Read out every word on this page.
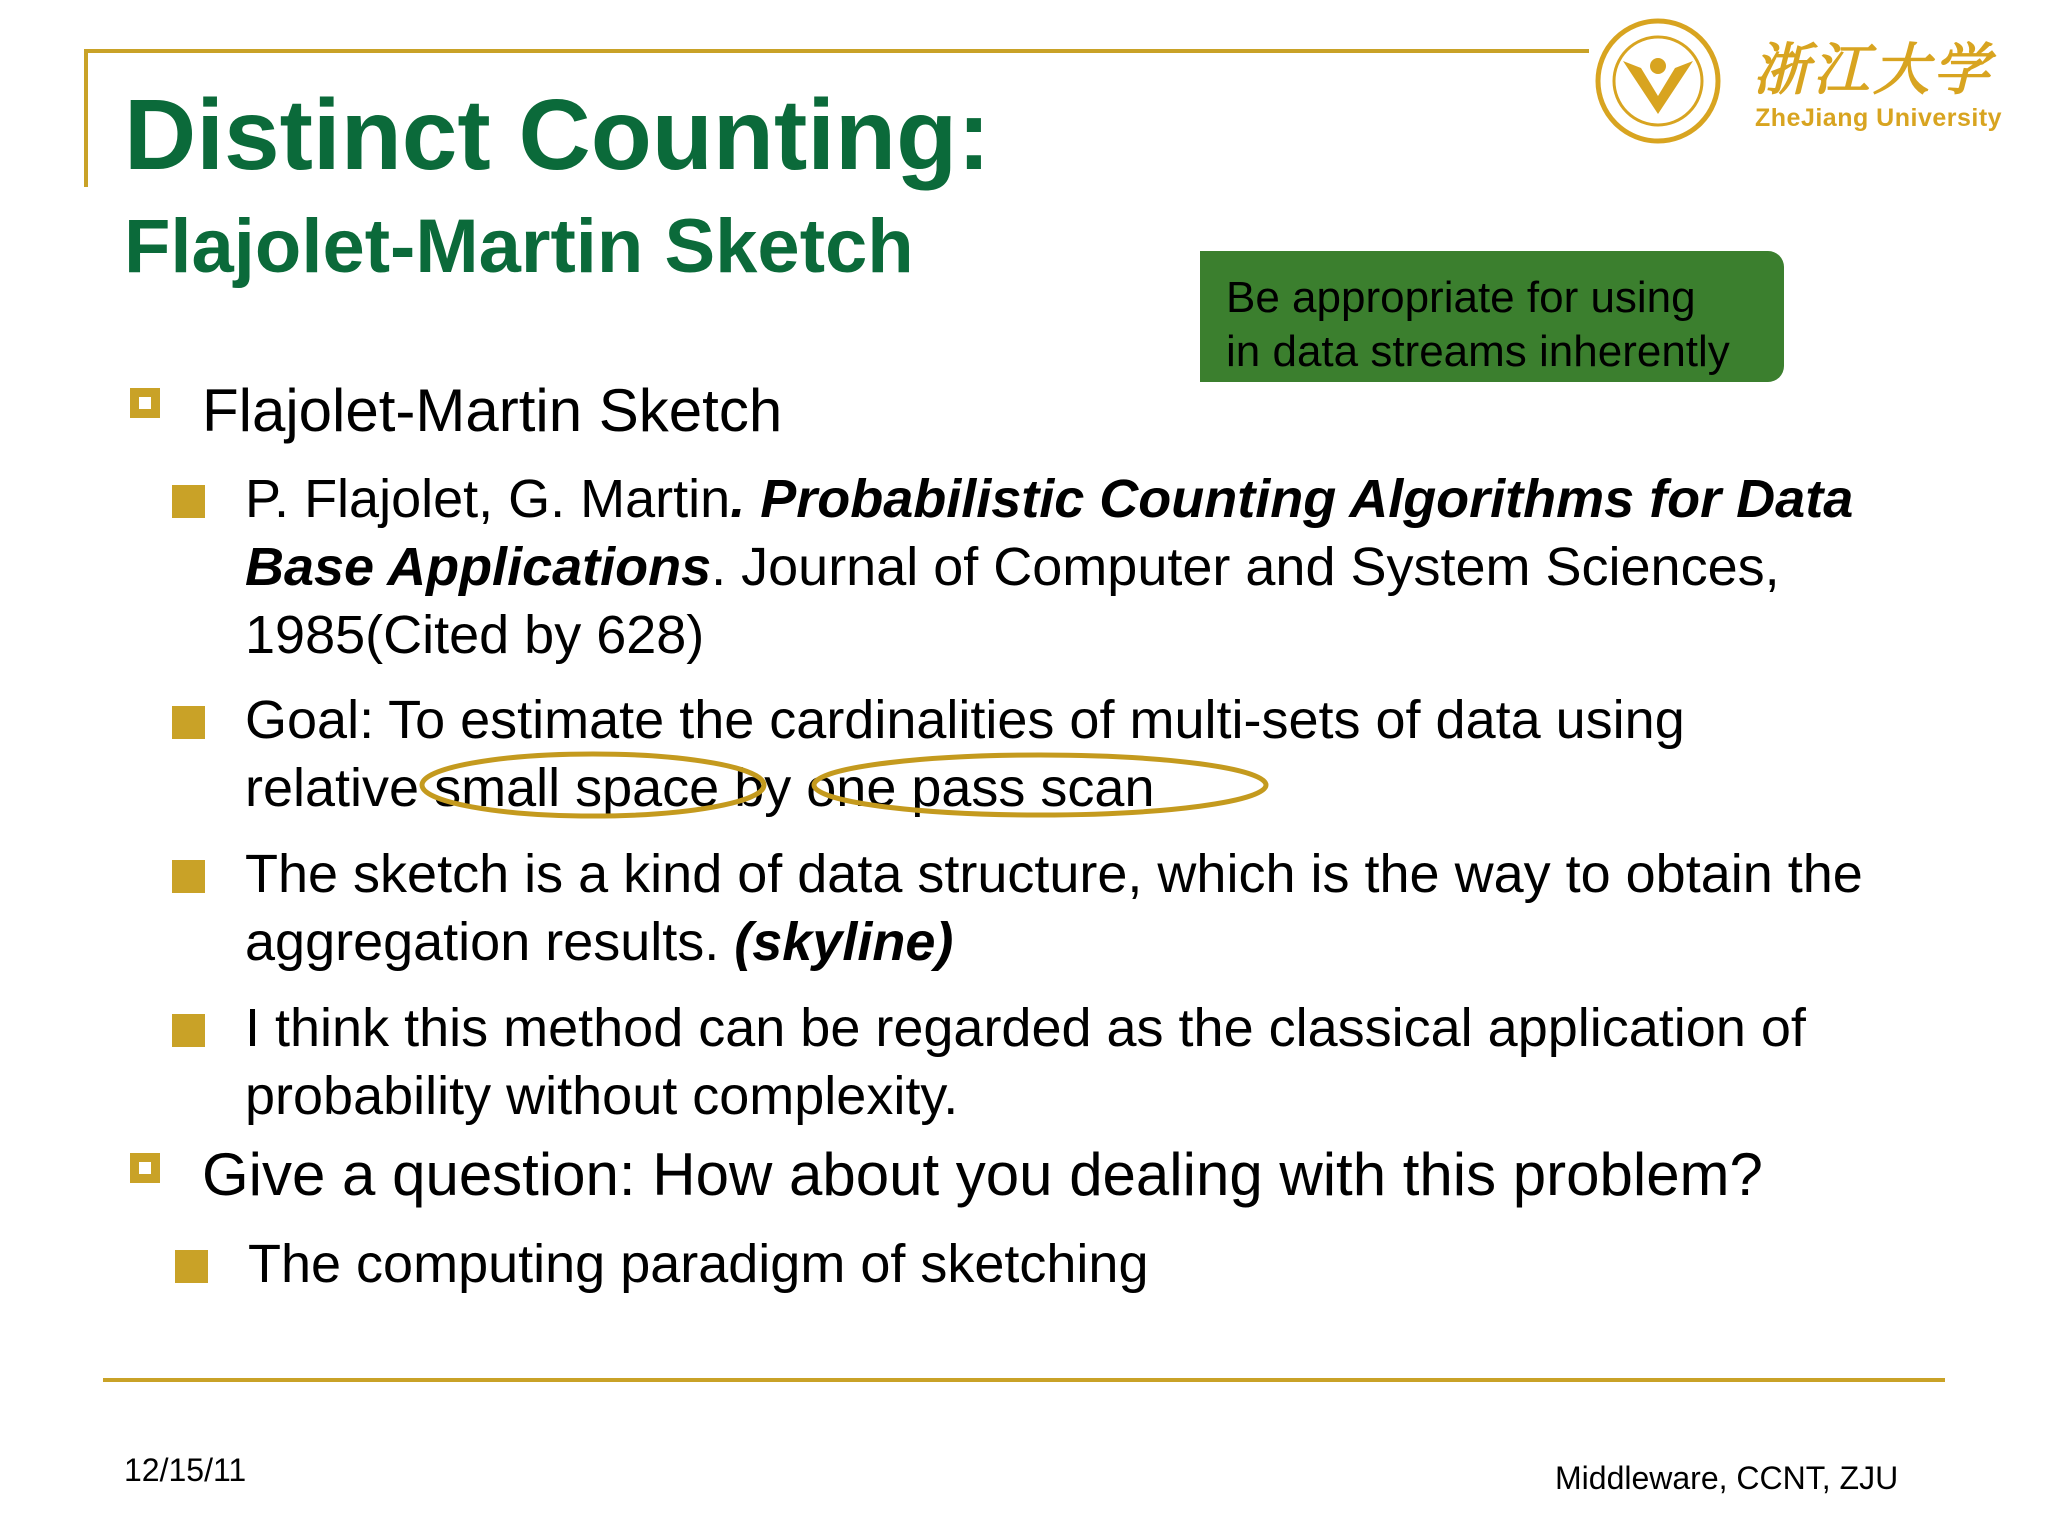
浙江大学
ZheJiang University
Distinct Counting:
Flajolet-Martin Sketch
Be appropriate for using
in data streams inherently
Flajolet-Martin Sketch
P. Flajolet, G. Martin. Probabilistic Counting Algorithms for Data
Base Applications. Journal of Computer and System Sciences,
1985(Cited by 628)
Goal: To estimate the cardinalities of multi-sets of data using
relative small space by one pass scan
The sketch is a kind of data structure, which is the way to obtain the
aggregation results. (skyline)
I think this method can be regarded as the classical application of
probability without complexity.
Give a question: How about you dealing with this problem?
The computing paradigm of sketching
12/15/11	Middleware, CCNT, ZJU
